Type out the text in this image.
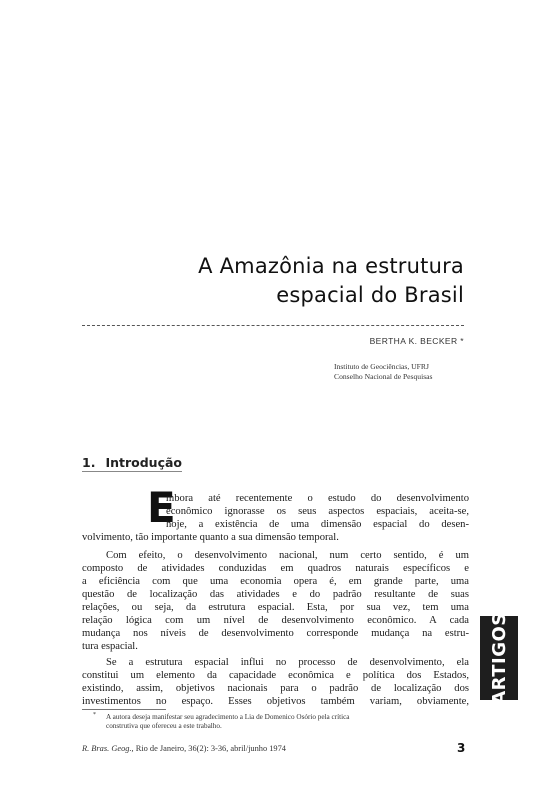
A Amazônia na estrutura
espacial do Brasil
BERTHA K. BECKER *
Instituto de Geociências, UFRJ
Conselho Nacional de Pesquisas
1. Introdução
E
mbora até recentemente o estudo do desenvolvimento
econômico ignorasse os seus aspectos espaciais, aceita-se,
hoje, a existência de uma dimensão espacial do desen-
volvimento, tão importante quanto a sua dimensão temporal.
Com efeito, o desenvolvimento nacional, num certo sentido, é um
composto de atividades conduzidas em quadros naturais específicos e
a eficiência com que uma economia opera é, em grande parte, uma
questão de localização das atividades e do padrão resultante de suas
relações, ou seja, da estrutura espacial. Esta, por sua vez, tem uma
relação lógica com um nível de desenvolvimento econômico. A cada
mudança nos níveis de desenvolvimento corresponde mudança na estru-
tura espacial.
Se a estrutura espacial influi no processo de desenvolvimento, ela
constitui um elemento da capacidade econômica e política dos Estados,
existindo, assim, objetivos nacionais para o padrão de localização dos
investimentos no espaço. Esses objetivos também variam, obviamente,
* A autora deseja manifestar seu agradecimento a Lia de Domenico Osório pela crítica
construtiva que ofereceu a este trabalho.
R. Bras. Geog., Rio de Janeiro, 36(2): 3-36, abril/junho 1974	3
ARTIGOS
